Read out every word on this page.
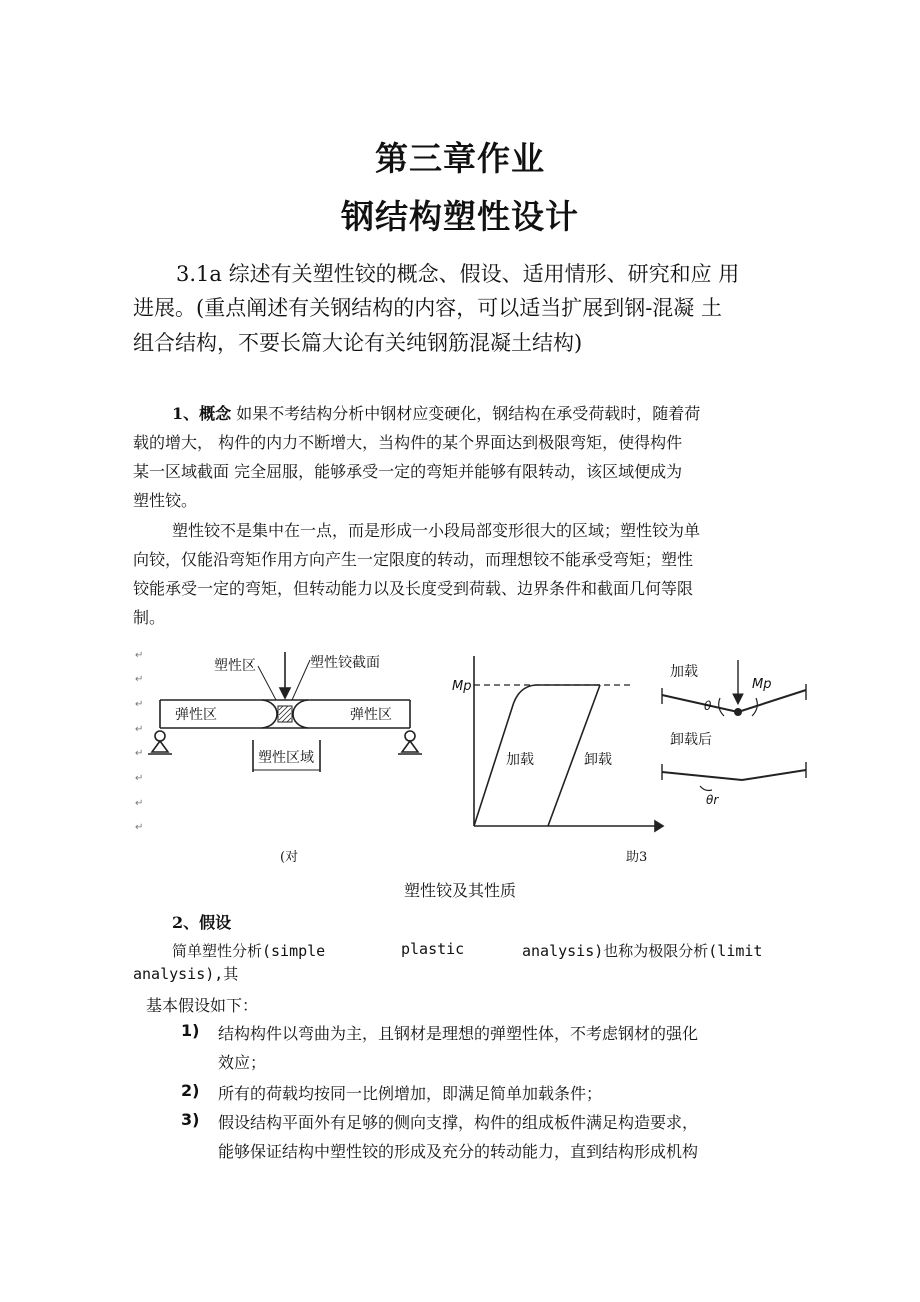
第三章作业
钢结构塑性设计
3.1a 综述有关塑性铰的概念、假设、适用情形、研究和应 用
进展。(重点阐述有关钢结构的内容，可以适当扩展到钢-混凝 土
组合结构，不要长篇大论有关纯钢筋混凝土结构)
1、概念 如果不考结构分析中钢材应变硬化，钢结构在承受荷载时，随着荷
载的增大， 构件的内力不断增大，当构件的某个界面达到极限弯矩，使得构件
某一区域截面 完全屈服，能够承受一定的弯矩并能够有限转动，该区域便成为
塑性铰。
塑性铰不是集中在一点，而是形成一小段局部变形很大的区域；塑性铰为单
向铰，仅能沿弯矩作用方向产生一定限度的转动，而理想铰不能承受弯矩；塑性
铰能承受一定的弯矩，但转动能力以及长度受到荷载、边界条件和截面几何等限
制。
↵
↵
↵
↵
↵
↵
↵
↵
塑性区	塑性铰截面
弹性区	弹性区
塑性区域
Mp
加载	卸载
加载
Mp
θ
卸载后
θr
(对	助3
塑性铰及其性质
2、假设
简单塑性分析(simple	plastic	analysis)也称为极限分析(limit
analysis),其
基本假设如下：
1) 结构构件以弯曲为主，且钢材是理想的弹塑性体，不考虑钢材的强化
效应；
2) 所有的荷载均按同一比例增加，即满足简单加载条件；
3) 假设结构平面外有足够的侧向支撑，构件的组成板件满足构造要求，
能够保证结构中塑性铰的形成及充分的转动能力，直到结构形成机构
